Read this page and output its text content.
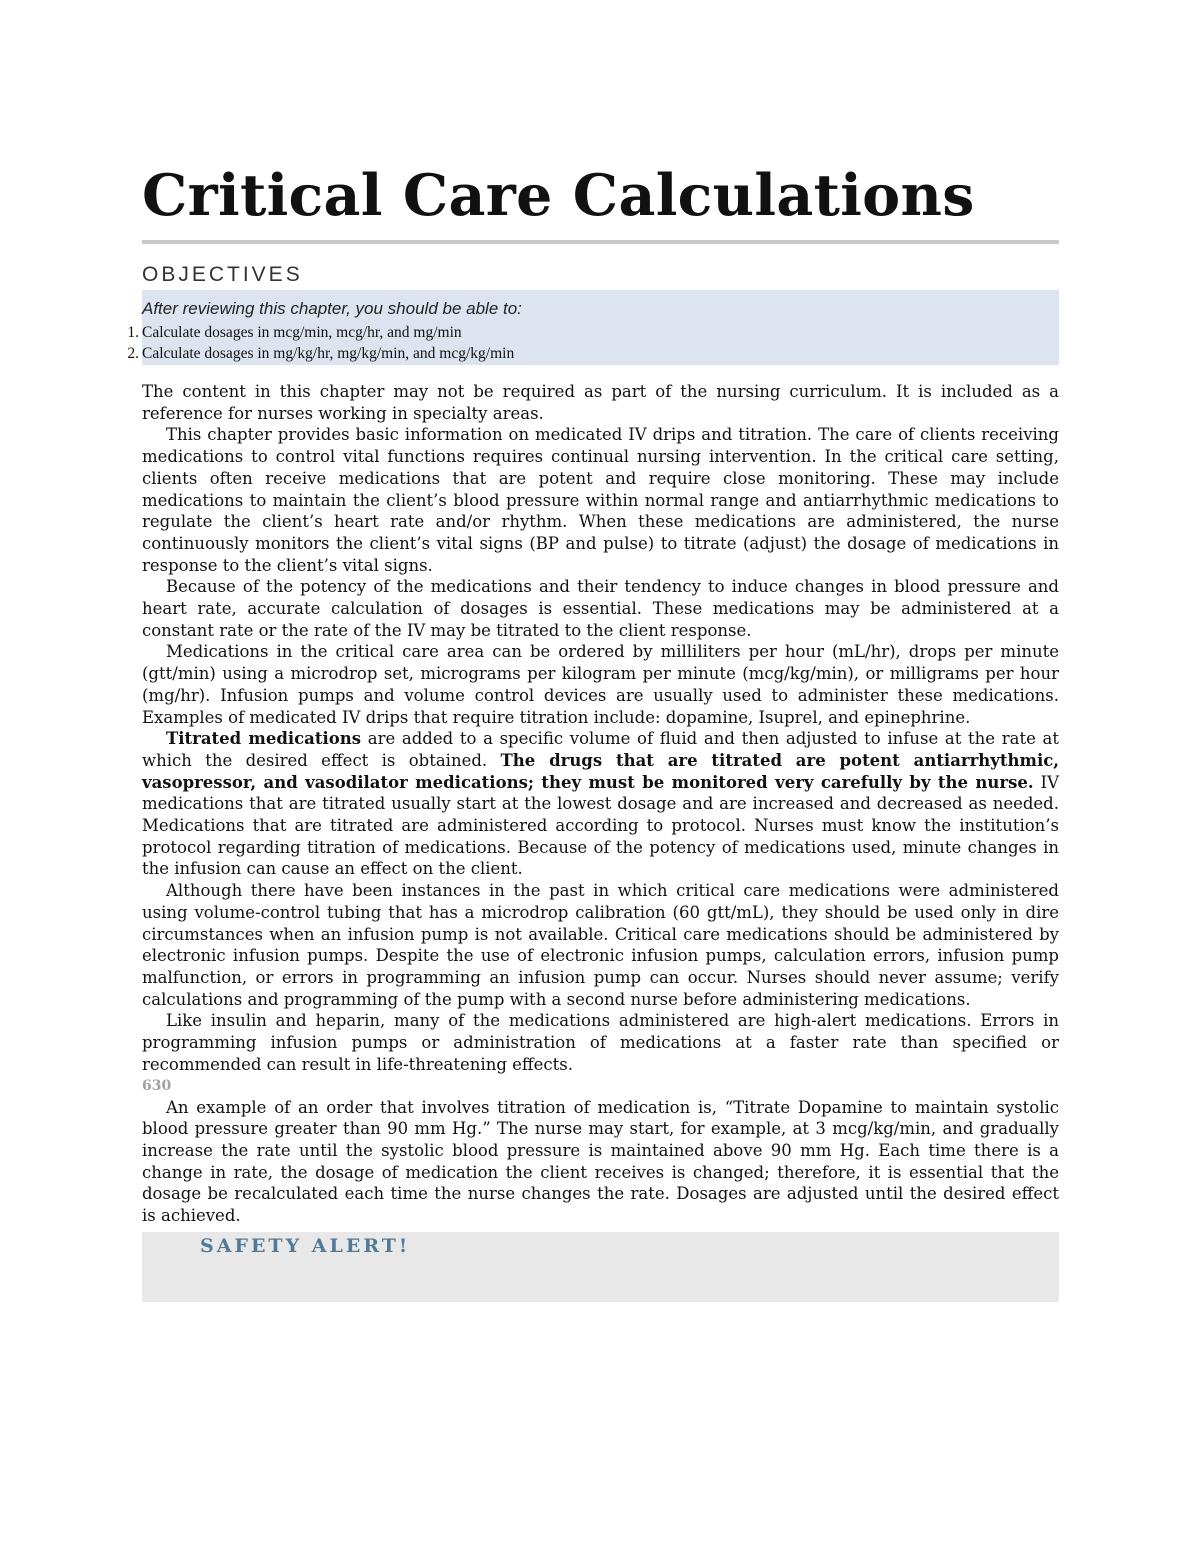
Critical Care Calculations
OBJECTIVES

After reviewing this chapter, you should be able to:

1. Calculate dosages in mcg/min, mcg/hr, and mg/min
2. Calculate dosages in mg/kg/hr, mg/kg/min, and mcg/kg/min

The content in this chapter may not be required as part of the nursing curriculum. It is included as a reference for nurses working in specialty areas.

This chapter provides basic information on medicated IV drips and titration. The care of clients receiving medications to control vital functions requires continual nursing intervention. In the critical care setting, clients often receive medications that are potent and require close monitoring. These may include medications to maintain the client’s blood pressure within normal range and antiarrhythmic medications to regulate the client’s heart rate and/or rhythm. When these medications are administered, the nurse continuously monitors the client’s vital signs (BP and pulse) to titrate (adjust) the dosage of medications in response to the client’s vital signs.

Because of the potency of the medications and their tendency to induce changes in blood pressure and heart rate, accurate calculation of dosages is essential. These medications may be administered at a constant rate or the rate of the IV may be titrated to the client response.

Medications in the critical care area can be ordered by milliliters per hour (mL/hr), drops per minute (gtt/min) using a microdrop set, micrograms per kilogram per minute (mcg/kg/min), or milligrams per hour (mg/hr). Infusion pumps and volume control devices are usually used to administer these medications. Examples of medicated IV drips that require titration include: dopamine, Isuprel, and epinephrine.

Titrated medications are added to a specific volume of fluid and then adjusted to infuse at the rate at which the desired effect is obtained. The drugs that are titrated are potent antiarrhythmic, vasopressor, and vasodilator medications; they must be monitored very carefully by the nurse. IV medications that are titrated usually start at the lowest dosage and are increased and decreased as needed. Medications that are titrated are administered according to protocol. Nurses must know the institution’s protocol regarding titration of medications. Because of the potency of medications used, minute changes in the infusion can cause an effect on the client.

Although there have been instances in the past in which critical care medications were administered using volume-control tubing that has a microdrop calibration (60 gtt/mL), they should be used only in dire circumstances when an infusion pump is not available. Critical care medications should be administered by electronic infusion pumps. Despite the use of electronic infusion pumps, calculation errors, infusion pump malfunction, or errors in programming an infusion pump can occur. Nurses should never assume; verify calculations and programming of the pump with a second nurse before administering medications.

Like insulin and heparin, many of the medications administered are high-alert medications. Errors in programming infusion pumps or administration of medications at a faster rate than specified or recommended can result in life-threatening effects.

630

An example of an order that involves titration of medication is, “Titrate Dopamine to maintain systolic blood pressure greater than 90 mm Hg.” The nurse may start, for example, at 3 mcg/kg/min, and gradually increase the rate until the systolic blood pressure is maintained above 90 mm Hg. Each time there is a change in rate, the dosage of medication the client receives is changed; therefore, it is essential that the dosage be recalculated each time the nurse changes the rate. Dosages are adjusted until the desired effect is achieved.

SAFETY ALERT!
